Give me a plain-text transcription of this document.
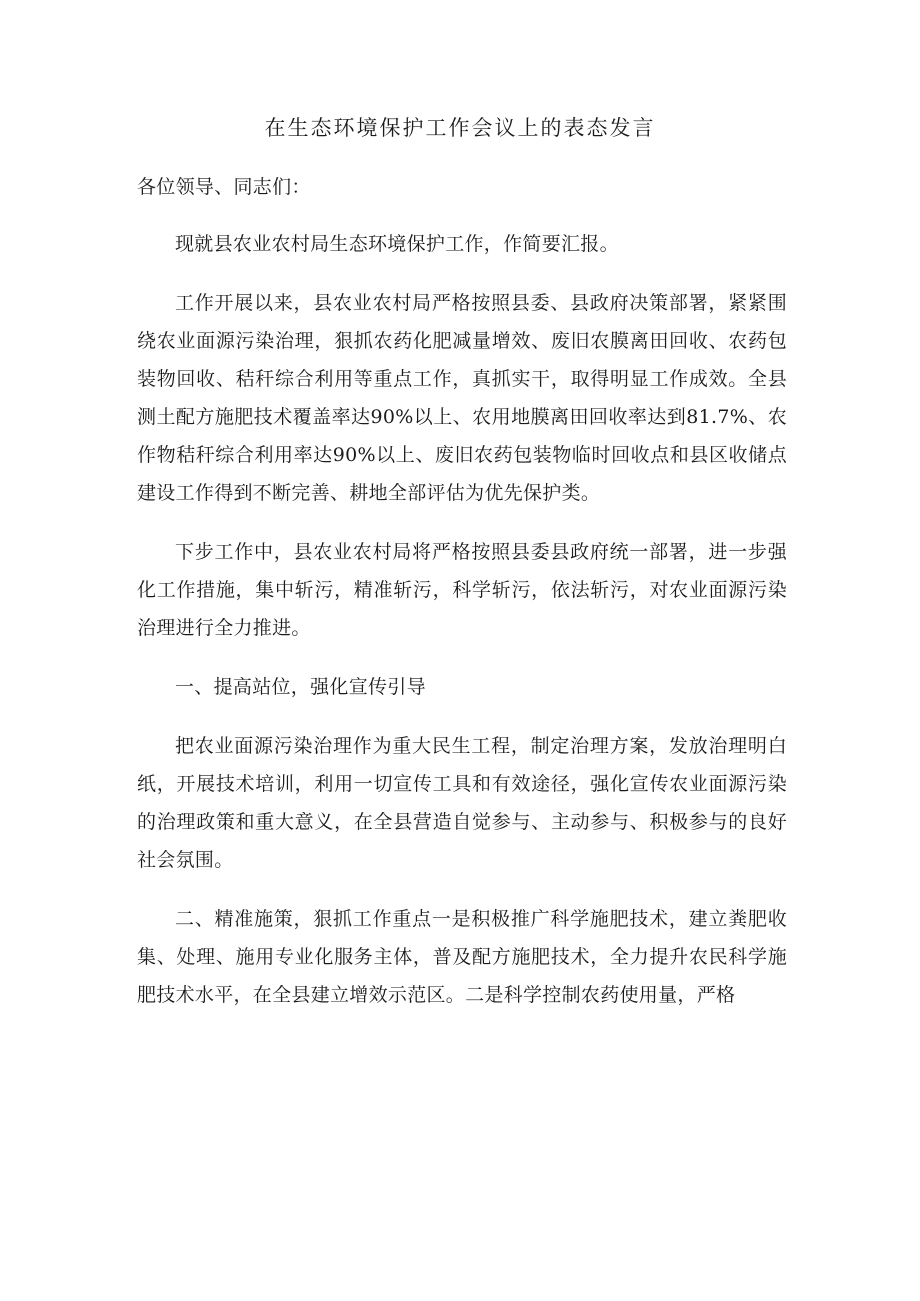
在生态环境保护工作会议上的表态发言

各位领导、同志们：

现就县农业农村局生态环境保护工作，作简要汇报。

工作开展以来，县农业农村局严格按照县委、县政府决策部署，紧紧围绕农业面源污染治理，狠抓农药化肥减量增效、废旧农膜离田回收、农药包装物回收、秸秆综合利用等重点工作，真抓实干，取得明显工作成效。全县测土配方施肥技术覆盖率达90%以上、农用地膜离田回收率达到81.7%、农作物秸秆综合利用率达90%以上、废旧农药包装物临时回收点和县区收储点建设工作得到不断完善、耕地全部评估为优先保护类。

下步工作中，县农业农村局将严格按照县委县政府统一部署，进一步强化工作措施，集中斩污，精准斩污，科学斩污，依法斩污，对农业面源污染治理进行全力推进。

一、提高站位，强化宣传引导

把农业面源污染治理作为重大民生工程，制定治理方案，发放治理明白纸，开展技术培训，利用一切宣传工具和有效途径，强化宣传农业面源污染的治理政策和重大意义，在全县营造自觉参与、主动参与、积极参与的良好社会氛围。

二、精准施策，狠抓工作重点一是积极推广科学施肥技术，建立粪肥收集、处理、施用专业化服务主体，普及配方施肥技术，全力提升农民科学施肥技术水平，在全县建立增效示范区。二是科学控制农药使用量，严格
